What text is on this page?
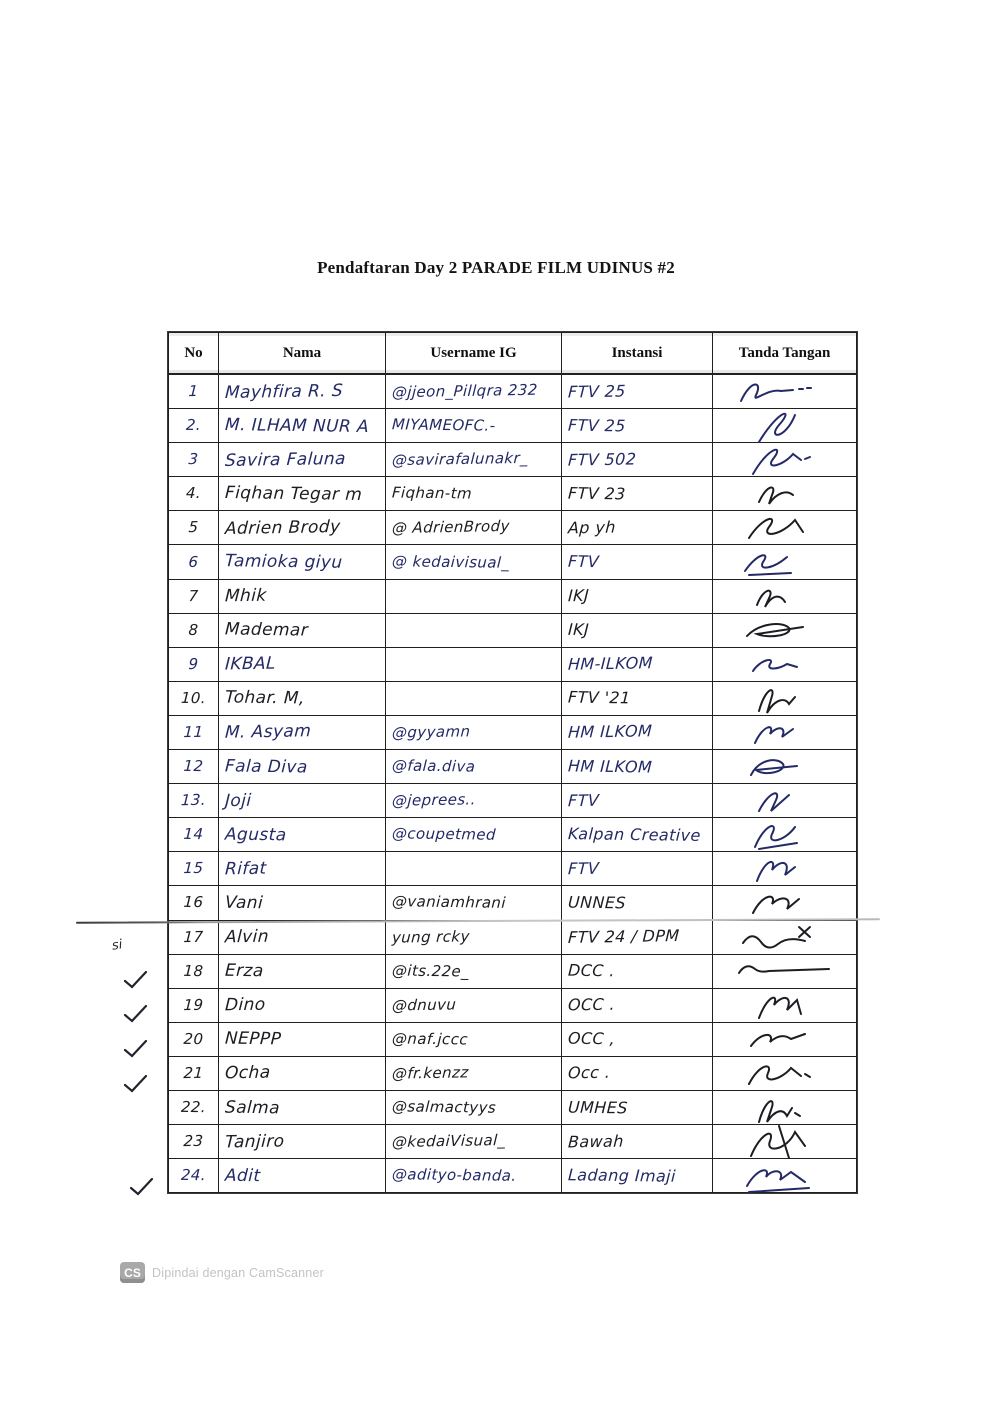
Pendaftaran Day 2 PARADE FILM UDINUS #2
No	Nama	Username IG	Instansi	Tanda Tangan
1	Mayhfira R. S	@jjeon_Pillqra 232	FTV 25	

2.	M. ILHAM NUR A	MIYAMEOFC.-	FTV 25	

3	Savira Faluna	@savirafalunakr_	FTV 502	

4.	Fiqhan Tegar m	Fiqhan-tm	FTV 23	

5	Adrien Brody	@ AdrienBrody	Ap yh	

6	Tamioka giyu	@ kedaivisual_	FTV	

7	Mhik		IKJ	

8	Mademar		IKJ	

9	IKBAL		HM-ILKOM	

10.	Tohar. M,		FTV '21	

11	M. Asyam	@gyyamn	HM ILKOM	

12	Fala Diva	@fala.diva	HM ILKOM	

13.	Joji	@jeprees..	FTV	

14	Agusta	@coupetmed	Kalpan Creative	

15	Rifat		FTV	

16	Vani	@vaniamhrani	UNNES	

17	Alvin	yung rcky	FTV 24 / DPM	

18	Erza	@its.22e_	DCC .	

19	Dino	@dnuvu	OCC .	

20	NEPPP	@naf.jccc	OCC ,	

21	Ocha	@fr.kenzz	Occ .	

22.	Salma	@salmactyys	UMHES	

23	Tanjiro	@kedaiVisual_	Bawah	

24.	Adit	@adityo-banda.	Ladang Imaji	
si
CS Dipindai dengan CamScanner
